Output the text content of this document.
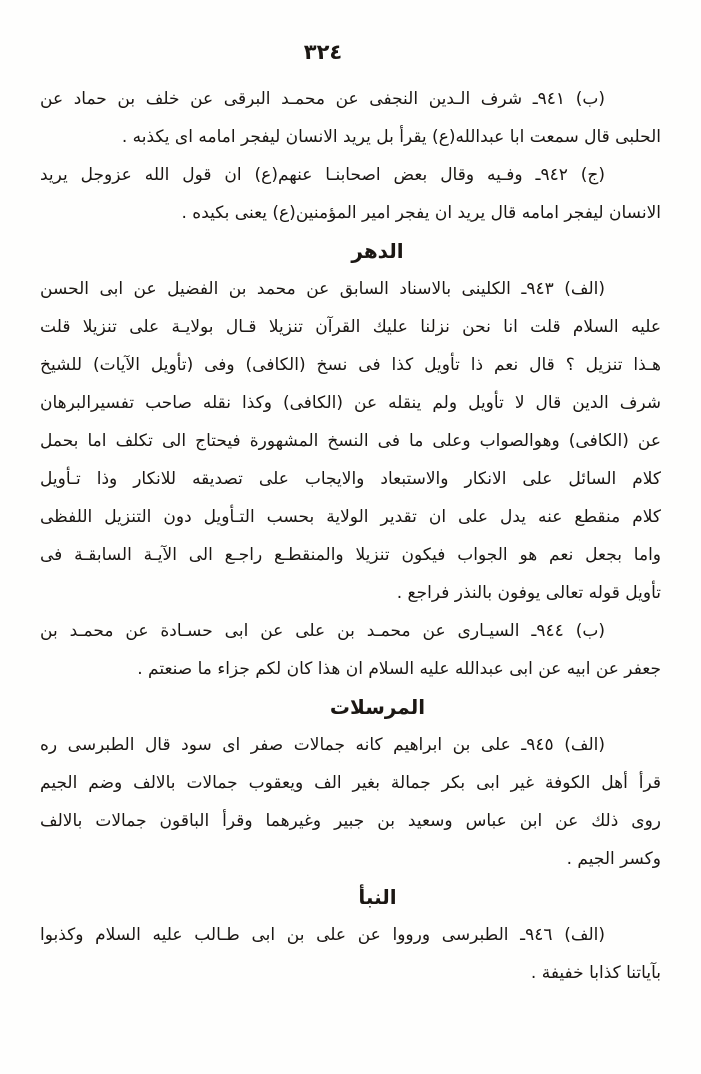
٣٢٤
(ب) ٩٤١ـ شرف الـدين النجفى عن محمـد البرقى عن خلف بن حماد عن
الحلبى قال سمعت ابا عبدالله(ع) يقرأ بل يريد الانسان ليفجر امامه اى يكذبه .
(ج) ٩٤٢ـ وفـيه وقال بعض اصحابنـا عنهم(ع) ان قول الله عزوجل يريد
الانسان ليفجر امامه قال يريد ان يفجر امير المؤمنين(ع) يعنى بكيده .
الدهر
(الف) ٩٤٣ـ الكلينى بالاسناد السابق عن محمد بن الفضيل عن ابى الحسن
عليه السلام قلت انا نحن نزلنا عليك القرآن تنزيلا قـال بولايـة على تنزيلا قلت
هـذا تنزيل ؟ قال نعم ذا تأويل كذا فى نسخ (الكافى) وفى (تأويل الآيات) للشيخ
شرف الدين قال لا تأويل ولم ينقله عن (الكافى) وكذا نقله صاحب تفسيرالبرهان
عن (الكافى) وهوالصواب وعلى ما فى النسخ المشهورة فيحتاج الى تكلف اما بحمل
كلام السائل على الانكار والاستبعاد والايجاب على تصديقه للانكار وذا تـأويل
كلام منقطع عنه يدل على ان تقدير الولاية بحسب التـأويل دون التنزيل اللفظى
واما بجعل نعم هو الجواب فيكون تنزيلا والمنقطـع راجـع الى الآيـة السابقـة فى
تأويل قوله تعالى يوفون بالنذر فراجع .
(ب) ٩٤٤ـ السيـارى عن محمـد بن على عن ابى حسـادة عن محمـد بن
جعفر عن ابيه عن ابى عبدالله عليه السلام ان هذا كان لكم جزاء ما صنعتم .
المرسلات
(الف) ٩٤٥ـ على بن ابراهيم كانه جمالات صفر اى سود قال الطبرسى ره
قرأ أهل الكوفة غير ابى بكر جمالة بغير الف ويعقوب جمالات بالالف وضم الجيم
روى ذلك عن ابن عباس وسعيد بن جبير وغيرهما وقرأ الباقون جمالات بالالف
وكسر الجيم .
النبأ
(الف) ٩٤٦ـ الطبرسى ورووا عن على بن ابى طـالب عليه السلام وكذبوا
بآياتنا كذابا خفيفة .
